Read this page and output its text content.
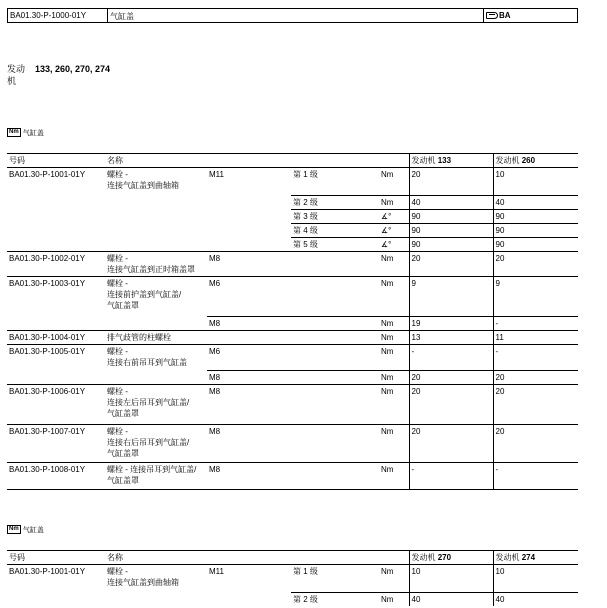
BA01.30-P-1000-01Y	气缸盖	BA
发动机
133, 260, 270, 274
Nm 气缸盖
号码	名称				发动机 133	发动机 260
BA01.30-P-1001-01Y	螺栓 -
连接气缸盖到曲轴箱	M11	第 1 级	Nm	20	10
			第 2 级	Nm	40	40
			第 3 级	∡°	90	90
			第 4 级	∡°	90	90
			第 5 级	∡°	90	90
BA01.30-P-1002-01Y	螺栓 -
连接气缸盖到正时箱盖罩	M8		Nm	20	20
BA01.30-P-1003-01Y	螺栓 -
连接前护盖到气缸盖/
气缸盖罩	M6		Nm	9	9
		M8		Nm	19	-
BA01.30-P-1004-01Y	排气歧管的柱螺栓			Nm	13	11
BA01.30-P-1005-01Y	螺栓 -
连接右前吊耳到气缸盖	M6		Nm	-	-
		M8		Nm	20	20
BA01.30-P-1006-01Y	螺栓 -
连接左后吊耳到气缸盖/
气缸盖罩	M8		Nm	20	20
BA01.30-P-1007-01Y	螺栓 -
连接右后吊耳到气缸盖/
气缸盖罩	M8		Nm	20	20
BA01.30-P-1008-01Y	螺栓 - 连接吊耳到气缸盖/
气缸盖罩	M8		Nm	-	-
Nm 气缸盖
号码	名称				发动机 270	发动机 274
BA01.30-P-1001-01Y	螺栓 -
连接气缸盖到曲轴箱	M11	第 1 级	Nm	10	10
			第 2 级	Nm	40	40
